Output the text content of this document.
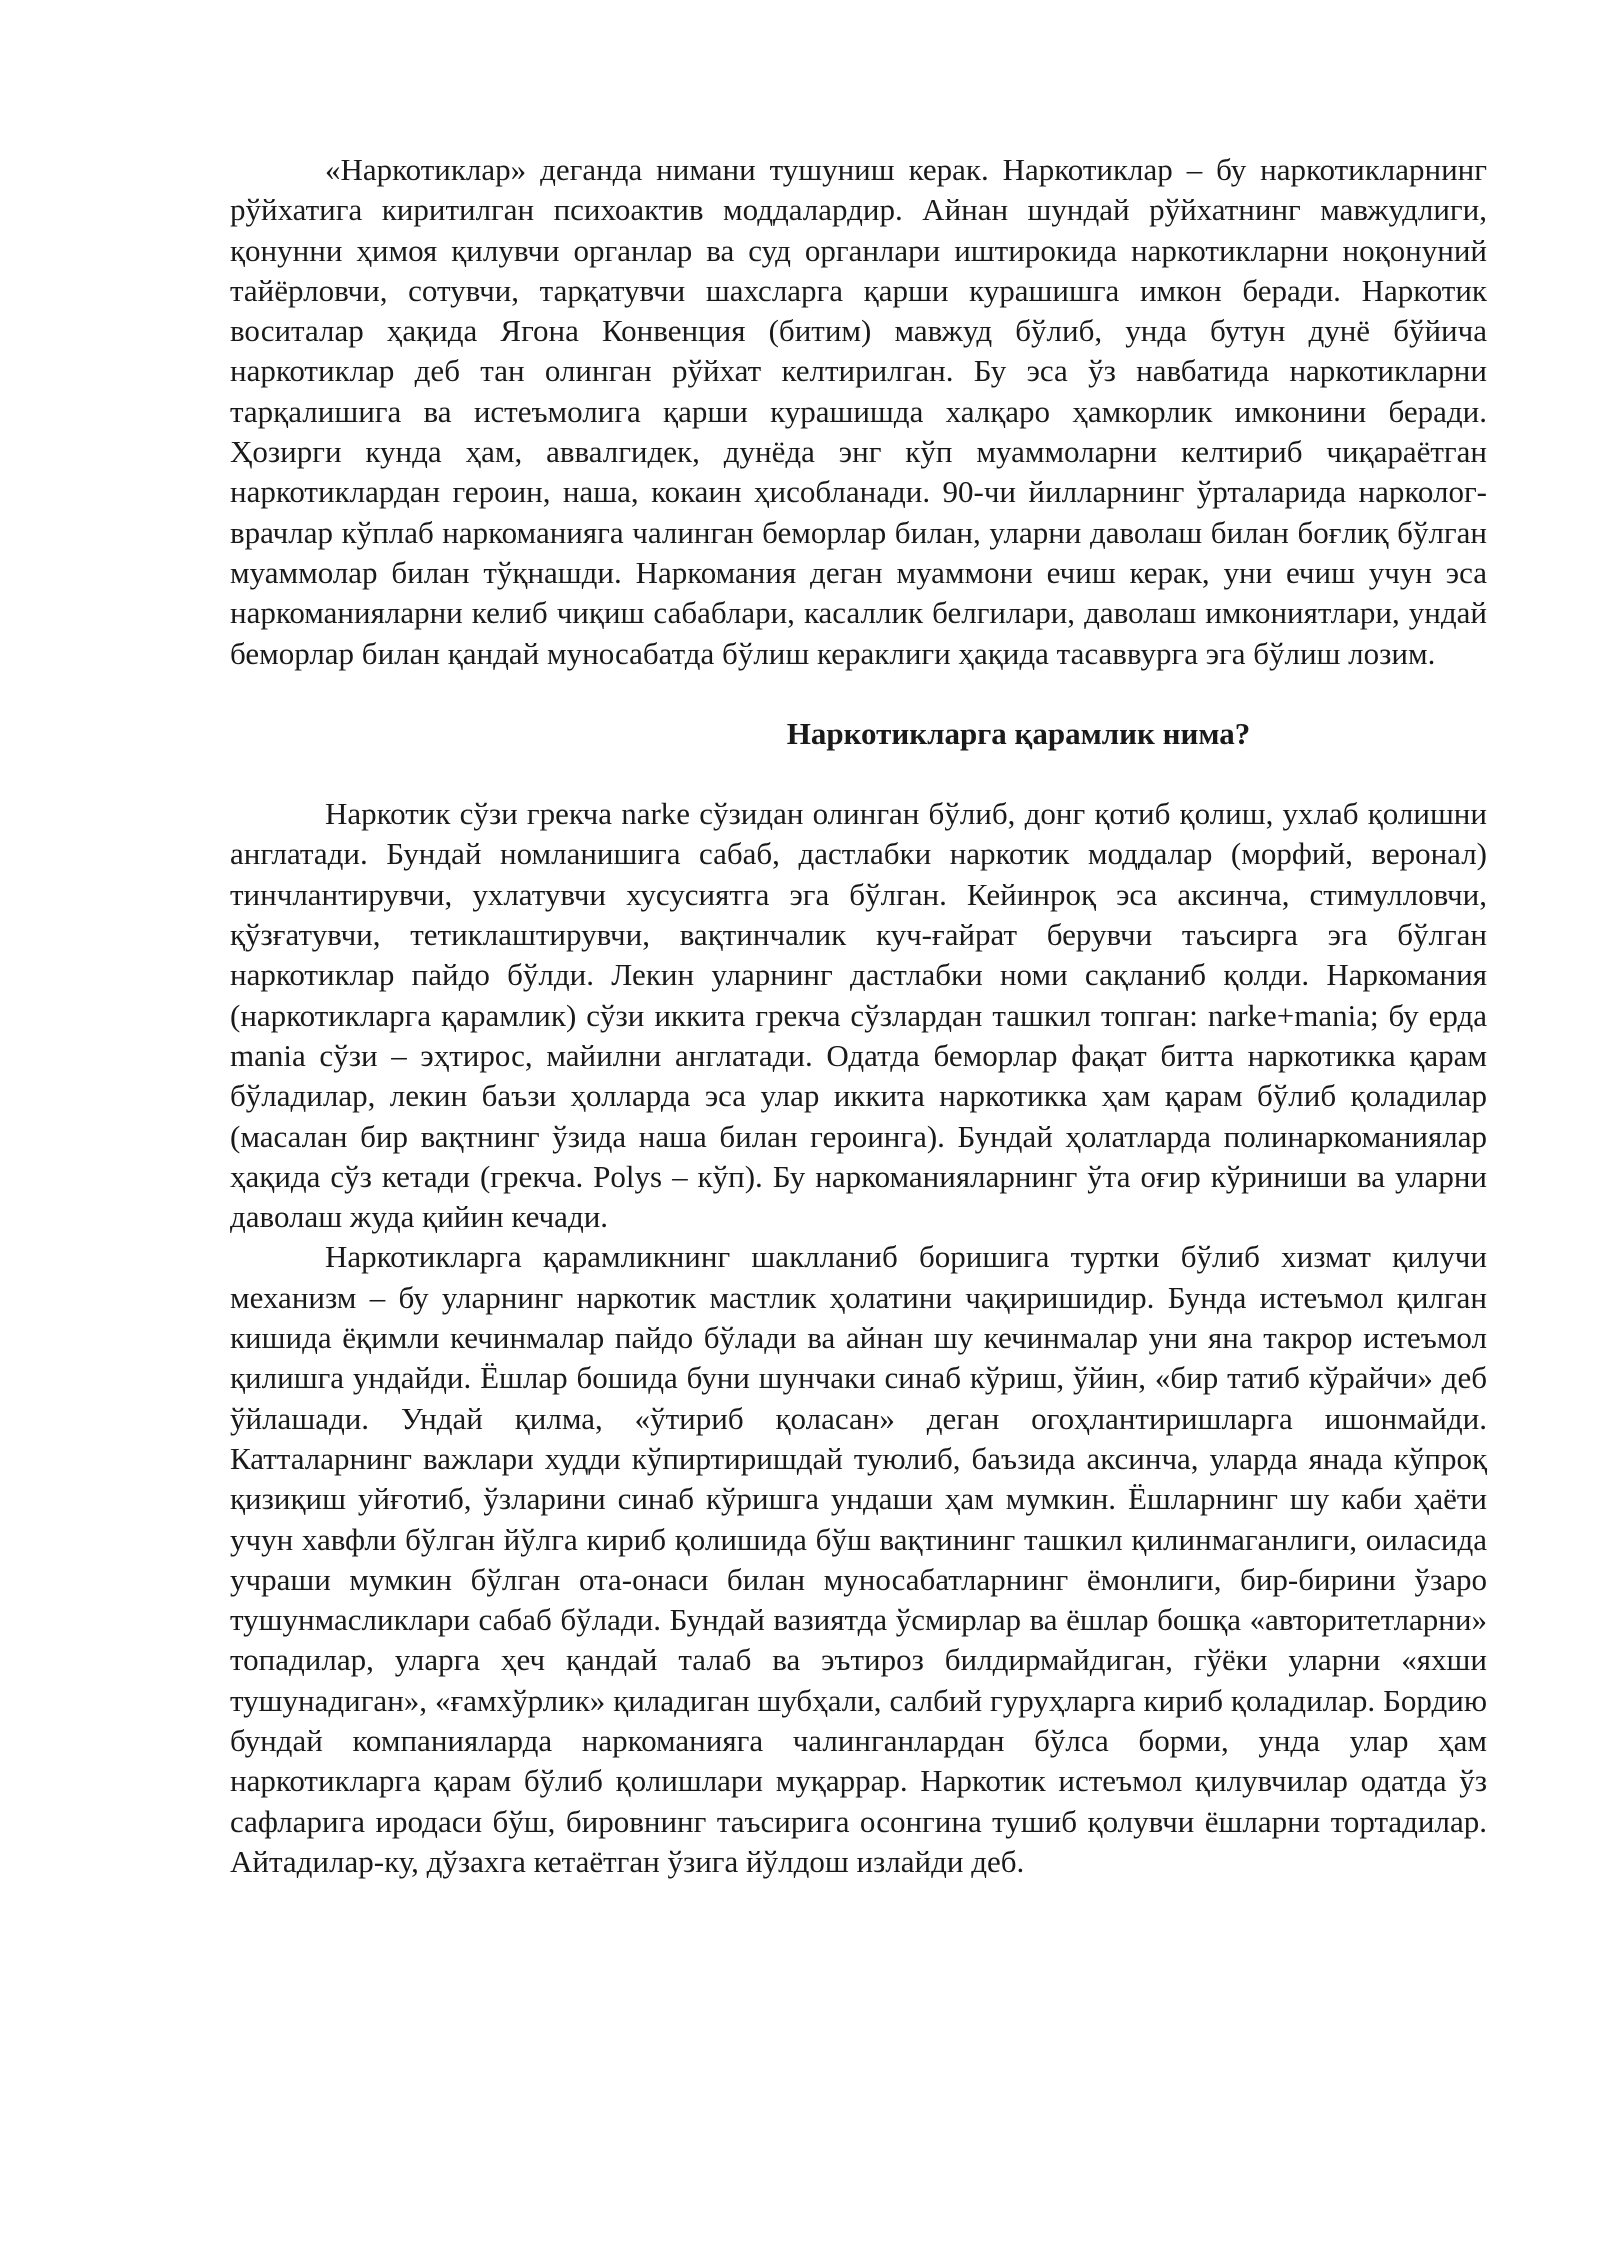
«Наркотиклар» деганда нимани тушуниш керак. Наркотиклар – бу наркотикларнинг рўйхатига киритилган психоактив моддалардир. Айнан шундай рўйхатнинг мавжудлиги, қонунни ҳимоя қилувчи органлар ва суд органлари иштирокида наркотикларни ноқонуний тайёрловчи, сотувчи, тарқатувчи шахсларга қарши курашишга имкон беради. Наркотик воситалар ҳақида Ягона Конвенция (битим) мавжуд бўлиб, унда бутун дунё бўйича наркотиклар деб тан олинган рўйхат келтирилган. Бу эса ўз навбатида наркотикларни тарқалишига ва истеъмолига қарши курашишда халқаро ҳамкорлик имконини беради. Ҳозирги кунда ҳам, аввалгидек, дунёда энг кўп муаммоларни келтириб чиқараётган наркотиклардан героин, наша, кокаин ҳисобланади. 90-чи йилларнинг ўрталарида нарколог-врачлар кўплаб наркоманияга чалинган беморлар билан, уларни даволаш билан боғлиқ бўлган муаммолар билан тўқнашди. Наркомания деган муаммони ечиш керак, уни ечиш учун эса наркоманияларни келиб чиқиш сабаблари, касаллик белгилари, даволаш имкониятлари, ундай беморлар билан қандай муносабатда бўлиш кераклиги ҳақида тасаввурга эга бўлиш лозим.

Наркотикларга қарамлик нима?

Наркотик сўзи грекча narke сўзидан олинган бўлиб, донг қотиб қолиш, ухлаб қолишни англатади. Бундай номланишига сабаб, дастлабки наркотик моддалар (морфий, веронал) тинчлантирувчи, ухлатувчи хусусиятга эга бўлган. Кейинроқ эса аксинча, стимулловчи, қўзғатувчи, тетиклаштирувчи, вақтинчалик куч-ғайрат берувчи таъсирга эга бўлган наркотиклар пайдо бўлди. Лекин уларнинг дастлабки номи сақланиб қолди. Наркомания (наркотикларга қарамлик) сўзи иккита грекча сўзлардан ташкил топган: narke+mania; бу ерда mania сўзи – эҳтирос, майилни англатади. Одатда беморлар фақат битта наркотикка қарам бўладилар, лекин баъзи ҳолларда эса улар иккита наркотикка ҳам қарам бўлиб қоладилар (масалан бир вақтнинг ўзида наша билан героинга). Бундай ҳолатларда полинаркоманиялар ҳақида сўз кетади (грекча. Polys – кўп). Бу наркоманияларнинг ўта оғир кўриниши ва уларни даволаш жуда қийин кечади.

Наркотикларга қарамликнинг шаклланиб боришига туртки бўлиб хизмат қилучи механизм – бу уларнинг наркотик мастлик ҳолатини чақиришидир. Бунда истеъмол қилган кишида ёқимли кечинмалар пайдо бўлади ва айнан шу кечинмалар уни яна такрор истеъмол қилишга ундайди. Ёшлар бошида буни шунчаки синаб кўриш, ўйин, «бир татиб кўрайчи» деб ўйлашади. Ундай қилма, «ўтириб қоласан» деган огоҳлантиришларга ишонмайди. Катталарнинг важлари худди кўпиртиришдай туюлиб, баъзида аксинча, уларда янада кўпроқ қизиқиш уйғотиб, ўзларини синаб кўришга ундаши ҳам мумкин. Ёшларнинг шу каби ҳаёти учун хавфли бўлган йўлга кириб қолишида бўш вақтининг ташкил қилинмаганлиги, оиласида учраши мумкин бўлган ота-онаси билан муносабатларнинг ёмонлиги, бир-бирини ўзаро тушунмасликлари сабаб бўлади. Бундай вазиятда ўсмирлар ва ёшлар бошқа «авторитетларни» топадилар, уларга ҳеч қандай талаб ва эътироз билдирмайдиган, гўёки уларни «яхши тушунадиган», «ғамхўрлик» қиладиган шубҳали, салбий гуруҳларга кириб қоладилар. Бордию бундай компанияларда наркоманияга чалинганлардан бўлса борми, унда улар ҳам наркотикларга қарам бўлиб қолишлари муқаррар. Наркотик истеъмол қилувчилар одатда ўз сафларига иродаси бўш, бировнинг таъсирига осонгина тушиб қолувчи ёшларни тортадилар. Айтадилар-ку, дўзахга кетаётган ўзига йўлдош излайди деб.
